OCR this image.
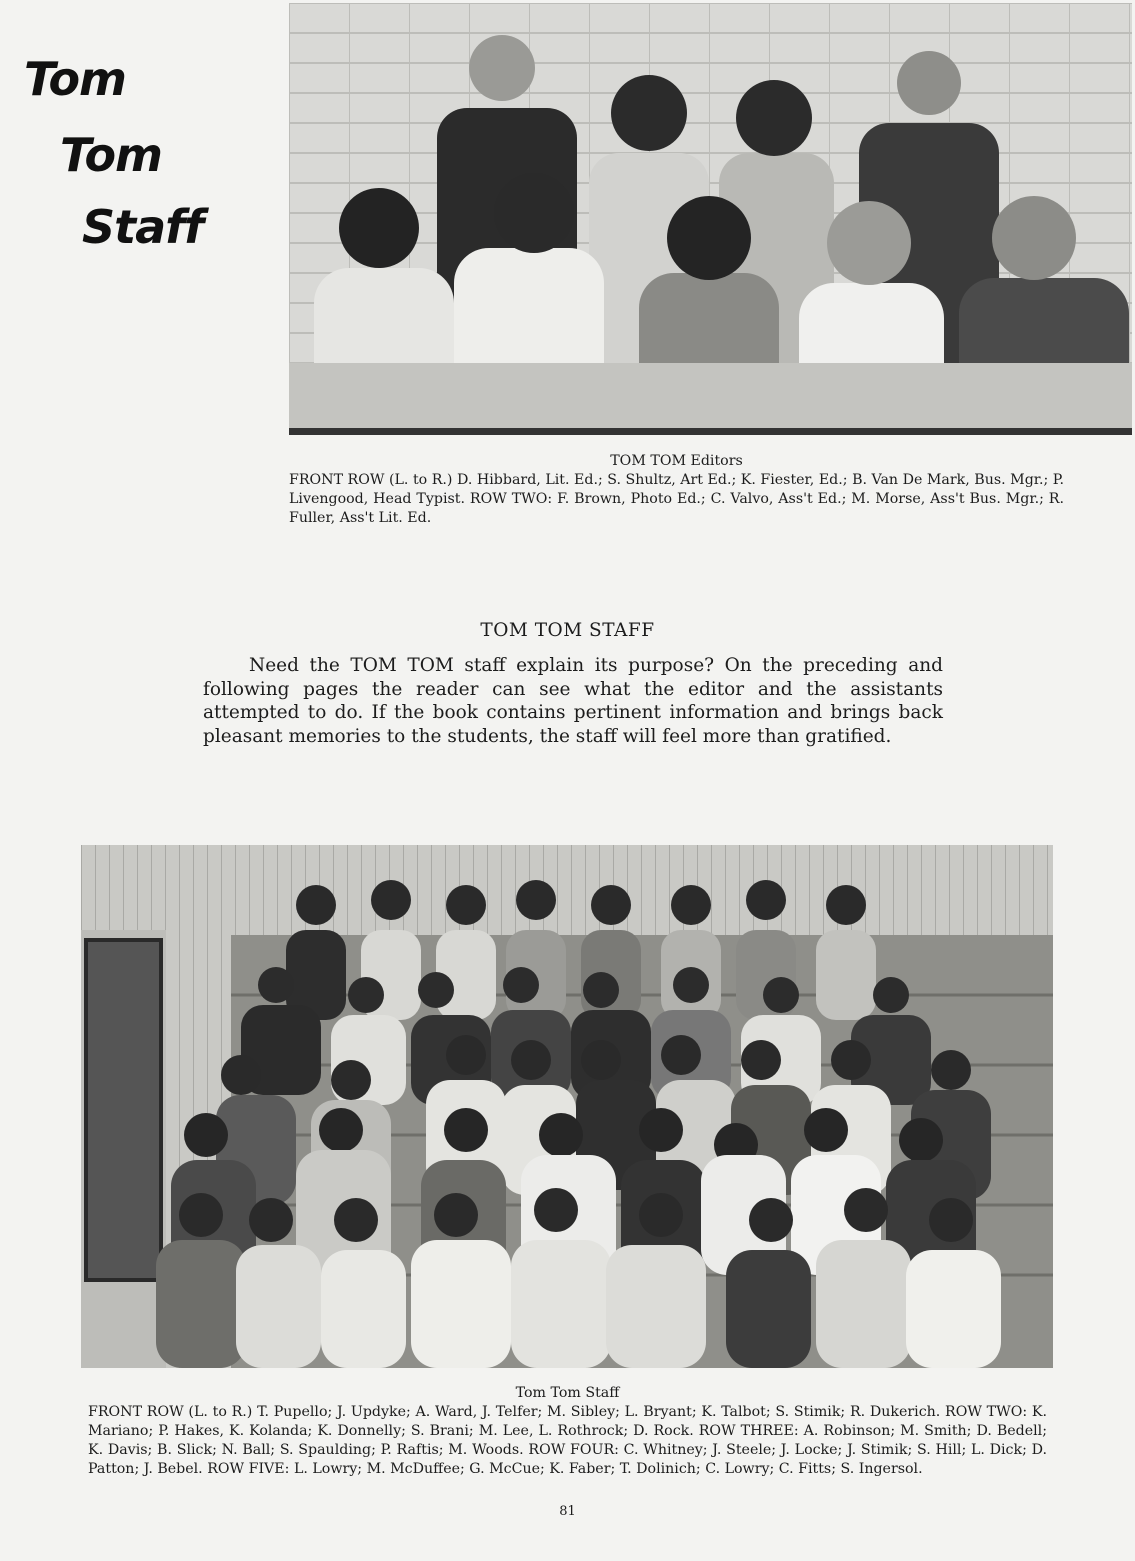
Tom
Tom
Staff
TOM TOM Editors
FRONT ROW (L. to R.) D. Hibbard, Lit. Ed.; S. Shultz, Art Ed.; K. Fiester, Ed.; B. Van De Mark, Bus. Mgr.; P. Livengood, Head Typist. ROW TWO: F. Brown, Photo Ed.; C. Valvo, Ass't Ed.; M. Morse, Ass't Bus. Mgr.; R. Fuller, Ass't Lit. Ed.
TOM TOM STAFF

Need the TOM TOM staff explain its purpose? On the preceding and following pages the reader can see what the editor and the assistants attempted to do. If the book contains pertinent information and brings back pleasant memories to the students, the staff will feel more than gratified.

Tom Tom Staff
FRONT ROW (L. to R.) T. Pupello; J. Updyke; A. Ward, J. Telfer; M. Sibley; L. Bryant; K. Talbot; S. Stimik; R. Dukerich. ROW TWO: K. Mariano; P. Hakes, K. Kolanda; K. Donnelly; S. Brani; M. Lee, L. Rothrock; D. Rock. ROW THREE: A. Robinson; M. Smith; D. Bedell; K. Davis; B. Slick; N. Ball; S. Spaulding; P. Raftis; M. Woods. ROW FOUR: C. Whitney; J. Steele; J. Locke; J. Stimik; S. Hill; L. Dick; D. Patton; J. Bebel. ROW FIVE: L. Lowry; M. McDuffee; G. McCue; K. Faber; T. Dolinich; C. Lowry; C. Fitts; S. Ingersol.
81
